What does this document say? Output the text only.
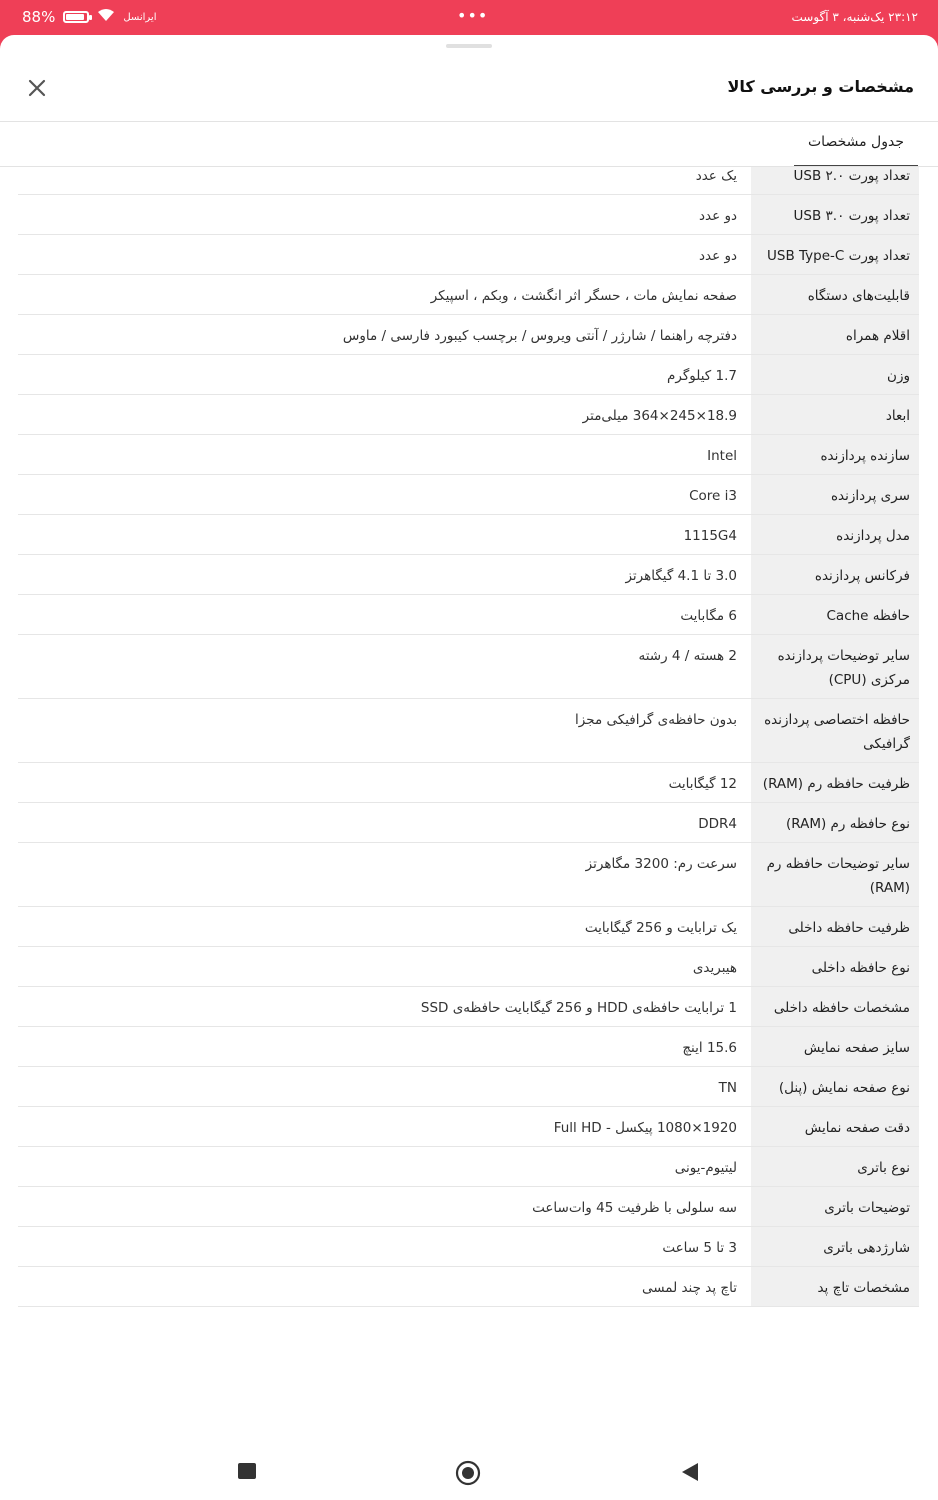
۲۳:۱۲ یک‌شنبه، ۳ آگوست
•••
88%	ایرانسل
مشخصات و بررسی کالا
جدول مشخصات
تعداد پورت USB ۲.۰	یک عدد
تعداد پورت USB ۳.۰	دو عدد
تعداد پورت USB Type-C	دو عدد
قابلیت‌های دستگاه	صفحه نمایش مات ، حسگر اثر انگشت ، وبکم ، اسپیکر
اقلام همراه	دفترچه راهنما / شارژر / آنتی ویروس / برچسب کیبورد فارسی / ماوس
وزن	1.7 کیلوگرم
ابعاد	18.9×245×364 میلی‌متر
سازنده پردازنده	Intel
سری پردازنده	Core i3
مدل پردازنده	1115G4
فرکانس پردازنده	3.0 تا 4.1 گیگاهرتز
حافظه Cache	6 مگابایت
سایر توضیحات پردازنده مرکزی (CPU)	2 هسته / 4 رشته
حافظه اختصاصی پردازنده گرافیکی	بدون حافظه‌ی گرافیکی مجزا
ظرفیت حافظه رم (RAM)	12 گیگابایت
نوع حافظه رم (RAM)	DDR4
سایر توضیحات حافظه رم (RAM)	سرعت رم: 3200 مگاهرتز
ظرفیت حافظه داخلی	یک ترابایت و 256 گیگابایت
نوع حافظه داخلی	هیبریدی
مشخصات حافظه داخلی	1 ترابایت حافظه‌ی HDD و 256 گیگابایت حافظه‌ی SSD
سایز صفحه نمایش	15.6 اینچ
نوع صفحه نمایش (پنل)	TN
دقت صفحه نمایش	1920×1080 پیکسل - Full HD
نوع باتری	لیتیوم-یونی
توضیحات باتری	سه سلولی با ظرفیت 45 وات‌ساعت
شارژدهی باتری	3 تا 5 ساعت
مشخصات تاچ پد	تاچ پد چند لمسی
